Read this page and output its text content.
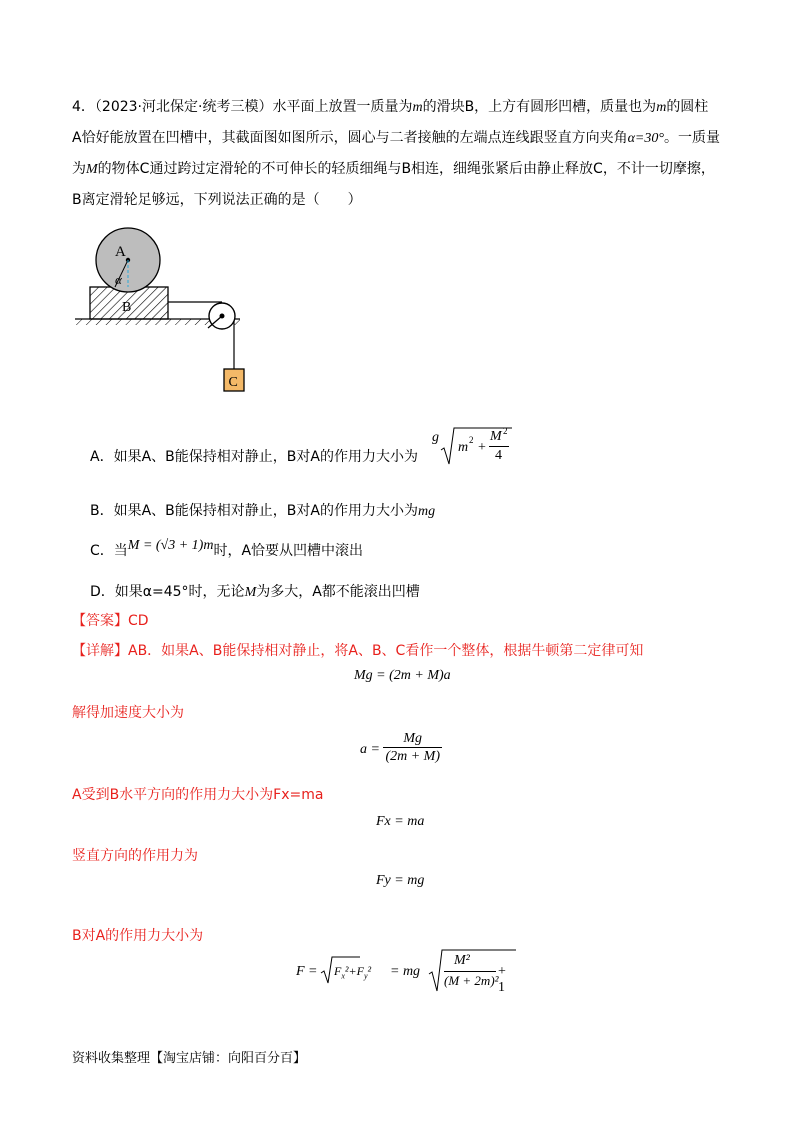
4．（2023·河北保定·统考三模）水平面上放置一质量为m的滑块B，上方有圆形凹槽，质量也为m的圆柱
A恰好能放置在凹槽中，其截面图如图所示，圆心与二者接触的左端点连线跟竖直方向夹角α=30°。一质量
为M的物体C通过跨过定滑轮的不可伸长的轻质细绳与B相连，细绳张紧后由静止释放C，不计一切摩擦，
B离定滑轮足够远，下列说法正确的是（　　）
A
α
B
C
A．如果A、B能保持相对静止，B对A的作用力大小为
g
m 2 +
M 2
4
B．如果A、B能保持相对静止，B对A的作用力大小为mg
C．当M = (√3 + 1)m时，A恰要从凹槽中滚出
D．如果α=45°时，无论M为多大，A都不能滚出凹槽
【答案】CD
【详解】AB．如果A、B能保持相对静止，将A、B、C看作一个整体，根据牛顿第二定律可知
Mg = (2m + M)a
解得加速度大小为
$a = \frac{Mg}{(2m + M)}$
A受到B水平方向的作用力大小为Fx=ma
Fx = ma
竖直方向的作用力为
Fy = mg
B对A的作用力大小为
$F = F_x^2+F_y^2$ = mg
M²
(M + 2m)²
+ 1
资料收集整理【淘宝店铺：向阳百分百】
